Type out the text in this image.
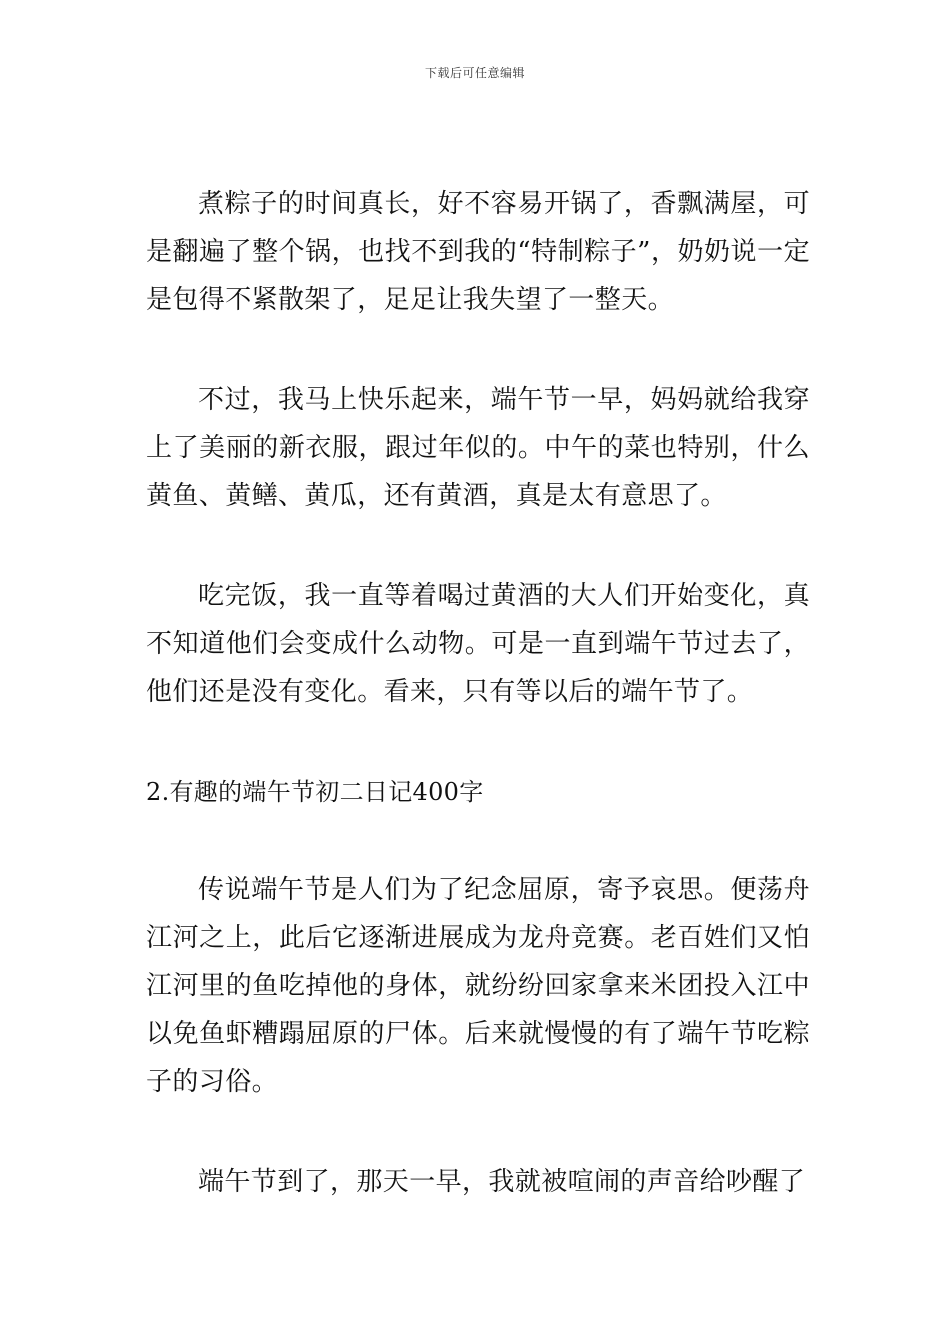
下载后可任意编辑

煮粽子的时间真长，好不容易开锅了，香飘满屋，可是翻遍了整个锅，也找不到我的“特制粽子”，奶奶说一定是包得不紧散架了，足足让我失望了一整天。

不过，我马上快乐起来，端午节一早，妈妈就给我穿上了美丽的新衣服，跟过年似的。中午的菜也特别，什么黄鱼、黄鳝、黄瓜，还有黄酒，真是太有意思了。

吃完饭，我一直等着喝过黄酒的大人们开始变化，真不知道他们会变成什么动物。可是一直到端午节过去了，他们还是没有变化。看来，只有等以后的端午节了。

2.有趣的端午节初二日记400字

传说端午节是人们为了纪念屈原，寄予哀思。便荡舟江河之上，此后它逐渐进展成为龙舟竞赛。老百姓们又怕江河里的鱼吃掉他的身体，就纷纷回家拿来米团投入江中以免鱼虾糟蹋屈原的尸体。后来就慢慢的有了端午节吃粽子的习俗。

端午节到了，那天一早，我就被喧闹的声音给吵醒了
